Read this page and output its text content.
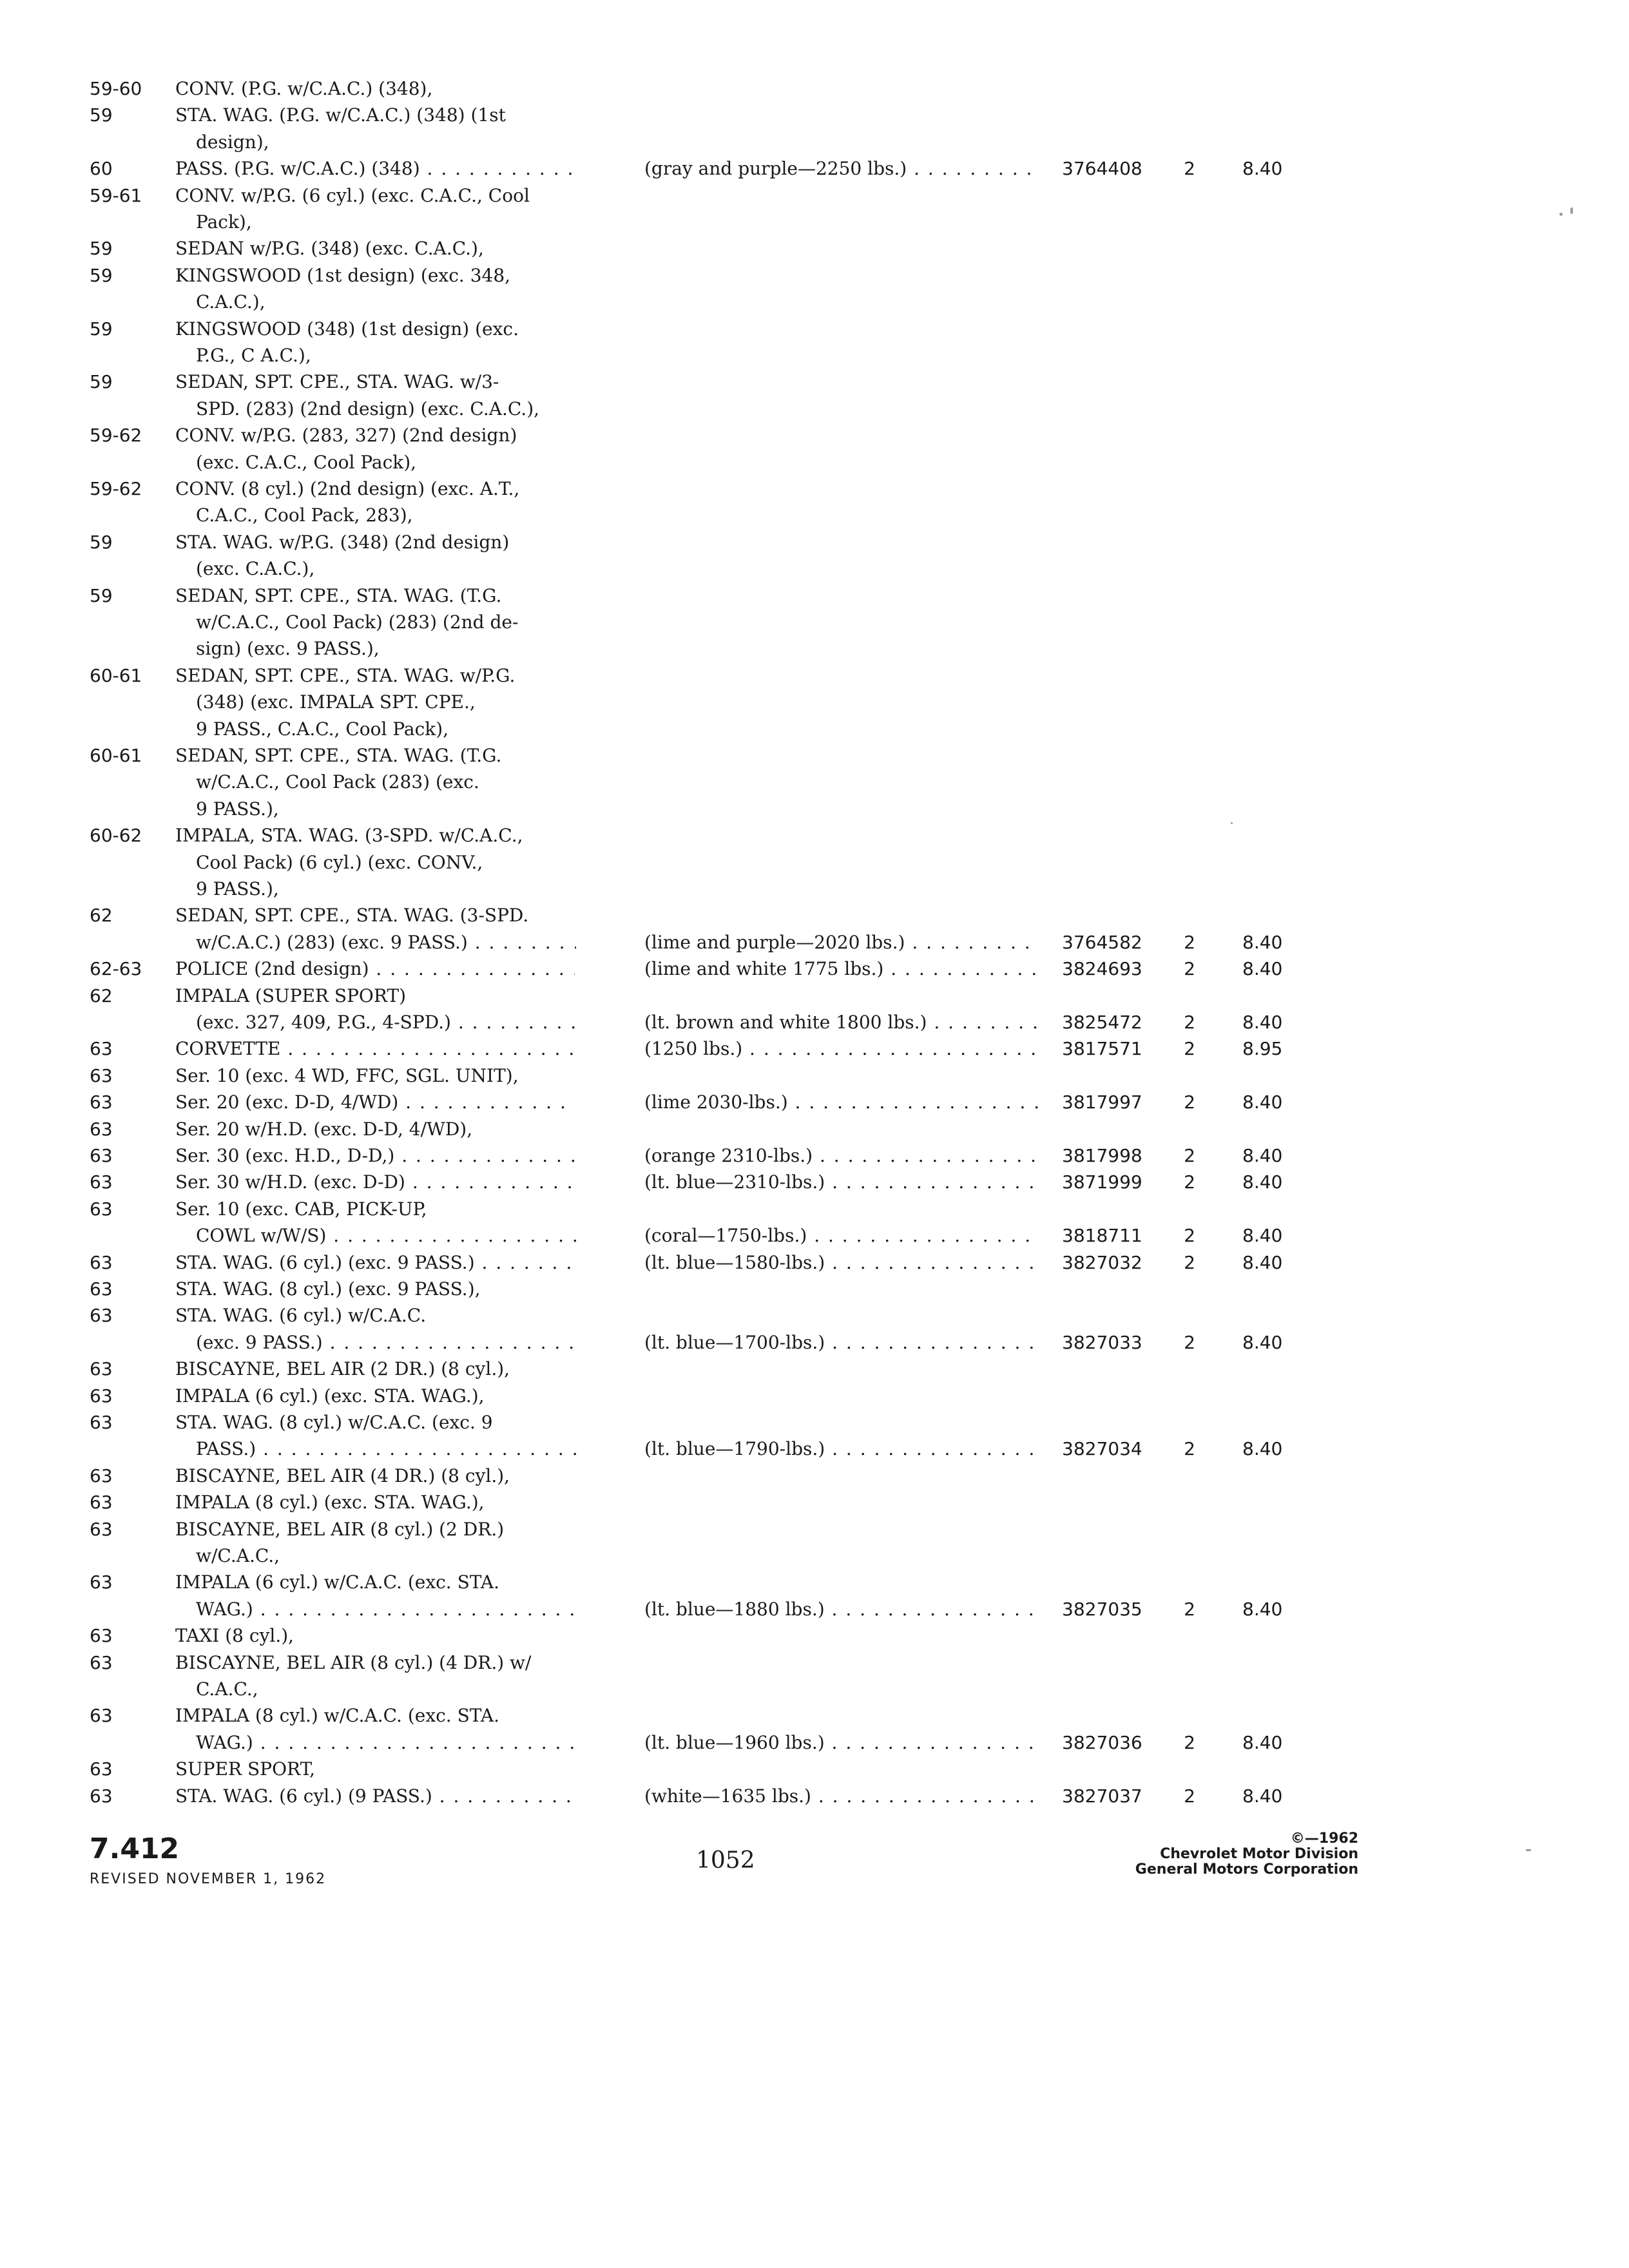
59-60	CONV. (P.G. w/C.A.C.) (348),
59	STA. WAG. (P.G. w/C.A.C.) (348) (1st
design),
60	PASS. (P.G. w/C.A.C.) (348) . . .	(gray and purple—2250 lbs.) . . .	3764408	2	8.40
59-61	CONV. w/P.G. (6 cyl.) (exc. C.A.C., Cool
Pack),
59	SEDAN w/P.G. (348) (exc. C.A.C.),
59	KINGSWOOD (1st design) (exc. 348,
C.A.C.),
59	KINGSWOOD (348) (1st design) (exc.
P.G., C A.C.),
59	SEDAN, SPT. CPE., STA. WAG. w/3-
SPD. (283) (2nd design) (exc. C.A.C.),
59-62	CONV. w/P.G. (283, 327) (2nd design)
(exc. C.A.C., Cool Pack),
59-62	CONV. (8 cyl.) (2nd design) (exc. A.T.,
C.A.C., Cool Pack, 283),
59	STA. WAG. w/P.G. (348) (2nd design)
(exc. C.A.C.),
59	SEDAN, SPT. CPE., STA. WAG. (T.G.
w/C.A.C., Cool Pack) (283) (2nd de-
sign) (exc. 9 PASS.),
60-61	SEDAN, SPT. CPE., STA. WAG. w/P.G.
(348) (exc. IMPALA SPT. CPE.,
9 PASS., C.A.C., Cool Pack),
60-61	SEDAN, SPT. CPE., STA. WAG. (T.G.
w/C.A.C., Cool Pack (283) (exc.
9 PASS.),
60-62	IMPALA, STA. WAG. (3-SPD. w/C.A.C.,
Cool Pack) (6 cyl.) (exc. CONV.,
9 PASS.),
62	SEDAN, SPT. CPE., STA. WAG. (3-SPD.
w/C.A.C.) (283) (exc. 9 PASS.) . . .	(lime and purple—2020 lbs.) . . .	3764582	2	8.40
62-63	POLICE (2nd design) . . .	(lime and white 1775 lbs.) . . .	3824693	2	8.40
62	IMPALA (SUPER SPORT)
(exc. 327, 409, P.G., 4-SPD.) . . .	(lt. brown and white 1800 lbs.) . . .	3825472	2	8.40
63	CORVETTE . . .	(1250 lbs.) . . .	3817571	2	8.95
63	Ser. 10 (exc. 4 WD, FFC, SGL. UNIT),
63	Ser. 20 (exc. D-D, 4/WD) . . .	(lime 2030-lbs.) . . .	3817997	2	8.40
63	Ser. 20 w/H.D. (exc. D-D, 4/WD),
63	Ser. 30 (exc. H.D., D-D,) . . .	(orange 2310-lbs.) . . .	3817998	2	8.40
63	Ser. 30 w/H.D. (exc. D-D) . . .	(lt. blue—2310-lbs.) . . .	3871999	2	8.40
63	Ser. 10 (exc. CAB, PICK-UP,
COWL w/W/S) . . .	(coral—1750-lbs.) . . .	3818711	2	8.40
63	STA. WAG. (6 cyl.) (exc. 9 PASS.) . . .	(lt. blue—1580-lbs.) . . .	3827032	2	8.40
63	STA. WAG. (8 cyl.) (exc. 9 PASS.),
63	STA. WAG. (6 cyl.) w/C.A.C.
(exc. 9 PASS.) . . .	(lt. blue—1700-lbs.) . . .	3827033	2	8.40
63	BISCAYNE, BEL AIR (2 DR.) (8 cyl.),
63	IMPALA (6 cyl.) (exc. STA. WAG.),
63	STA. WAG. (8 cyl.) w/C.A.C. (exc. 9
PASS.) . . .	(lt. blue—1790-lbs.) . . .	3827034	2	8.40
63	BISCAYNE, BEL AIR (4 DR.) (8 cyl.),
63	IMPALA (8 cyl.) (exc. STA. WAG.),
63	BISCAYNE, BEL AIR (8 cyl.) (2 DR.)
w/C.A.C.,
63	IMPALA (6 cyl.) w/C.A.C. (exc. STA.
WAG.) . . .	(lt. blue—1880 lbs.) . . .	3827035	2	8.40
63	TAXI (8 cyl.),
63	BISCAYNE, BEL AIR (8 cyl.) (4 DR.) w/
C.A.C.,
63	IMPALA (8 cyl.) w/C.A.C. (exc. STA.
WAG.) . . .	(lt. blue—1960 lbs.) . . .	3827036	2	8.40
63	SUPER SPORT,
63	STA. WAG. (6 cyl.) (9 PASS.) . . .	(white—1635 lbs.) . . .	3827037	2	8.40
7.412
REVISED NOVEMBER 1, 1962
1052
©—1962
Chevrolet Motor Division
General Motors Corporation
